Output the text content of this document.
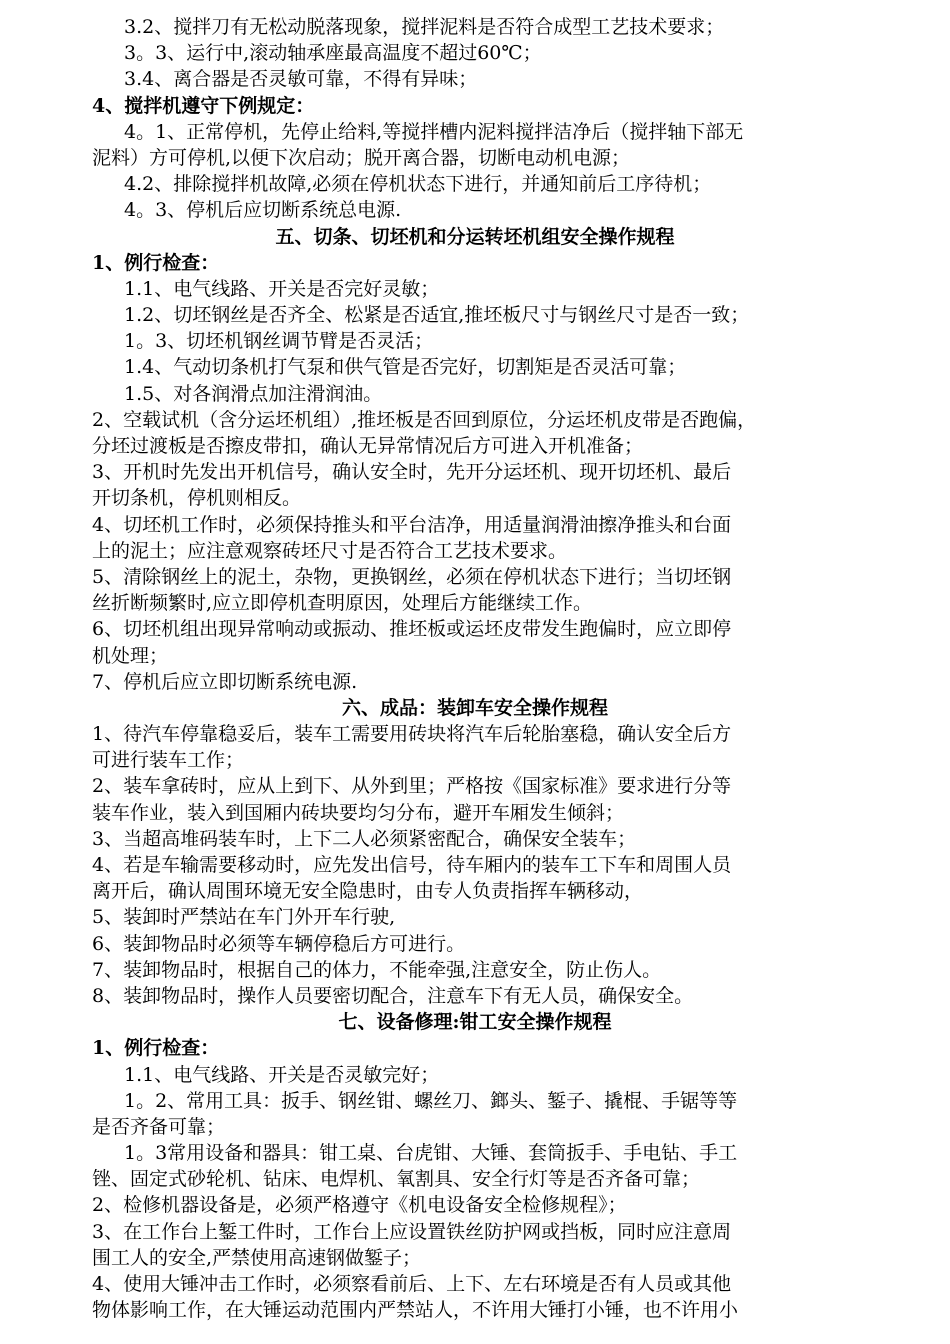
3.2、搅拌刀有无松动脱落现象，搅拌泥料是否符合成型工艺技术要求；
3。3、运行中,滚动轴承座最高温度不超过60℃；
3.4、离合器是否灵敏可靠，不得有异味；
4、搅拌机遵守下例规定：
4。1、正常停机，先停止给料,等搅拌槽内泥料搅拌洁净后（搅拌轴下部无
泥料）方可停机,以便下次启动；脱开离合器，切断电动机电源；
4.2、排除搅拌机故障,必须在停机状态下进行，并通知前后工序待机；
4。3、停机后应切断系统总电源.
五、切条、切坯机和分运转坯机组安全操作规程
1、例行检查：
1.1、电气线路、开关是否完好灵敏；
1.2、切坯钢丝是否齐全、松紧是否适宜,推坯板尺寸与钢丝尺寸是否一致；
1。3、切坯机钢丝调节臂是否灵活；
1.4、气动切条机打气泵和供气管是否完好，切割矩是否灵活可靠；
1.5、对各润滑点加注滑润油。
2、空载试机（含分运坯机组）,推坯板是否回到原位，分运坯机皮带是否跑偏，
分坯过渡板是否擦皮带扣，确认无异常情况后方可进入开机准备；
3、开机时先发出开机信号，确认安全时，先开分运坯机、现开切坯机、最后
开切条机，停机则相反。
4、切坯机工作时，必须保持推头和平台洁净，用适量润滑油擦净推头和台面
上的泥土；应注意观察砖坯尺寸是否符合工艺技术要求。
5、清除钢丝上的泥土，杂物，更换钢丝，必须在停机状态下进行；当切坯钢
丝折断频繁时,应立即停机查明原因，处理后方能继续工作。
6、切坯机组出现异常响动或振动、推坯板或运坯皮带发生跑偏时，应立即停
机处理；
7、停机后应立即切断系统电源.
六、成品：装卸车安全操作规程
1、待汽车停靠稳妥后，装车工需要用砖块将汽车后轮胎塞稳，确认安全后方
可进行装车工作；
2、装车拿砖时，应从上到下、从外到里；严格按《国家标准》要求进行分等
装车作业，装入到国厢内砖块要均匀分布，避开车厢发生倾斜；
3、当超高堆码装车时，上下二人必须紧密配合，确保安全装车；
4、若是车输需要移动时，应先发出信号，待车厢内的装车工下车和周围人员
离开后，确认周围环境无安全隐患时，由专人负责指挥车辆移动，
5、装卸时严禁站在车门外开车行驶,
6、装卸物品时必须等车辆停稳后方可进行。
7、装卸物品时，根据自己的体力，不能牵强,注意安全，防止伤人。
8、装卸物品时，操作人员要密切配合，注意车下有无人员，确保安全。
七、设备修理:钳工安全操作规程
1、例行检查：
1.1、电气线路、开关是否灵敏完好；
1。2、常用工具：扳手、钢丝钳、螺丝刀、鎯头、錾子、撬棍、手锯等等
是否齐备可靠；
1。3常用设备和器具：钳工桌、台虎钳、大锤、套筒扳手、手电钻、手工
锉、固定式砂轮机、钻床、电焊机、氧割具、安全行灯等是否齐备可靠；
2、检修机器设备是，必须严格遵守《机电设备安全检修规程》；
3、在工作台上錾工件时，工作台上应设置铁丝防护网或挡板，同时应注意周
围工人的安全,严禁使用高速钢做錾子；
4、使用大锤冲击工作时，必须察看前后、上下、左右环境是否有人员或其他
物体影响工作，在大锤运动范围内严禁站人，不许用大锤打小锤，也不许用小
